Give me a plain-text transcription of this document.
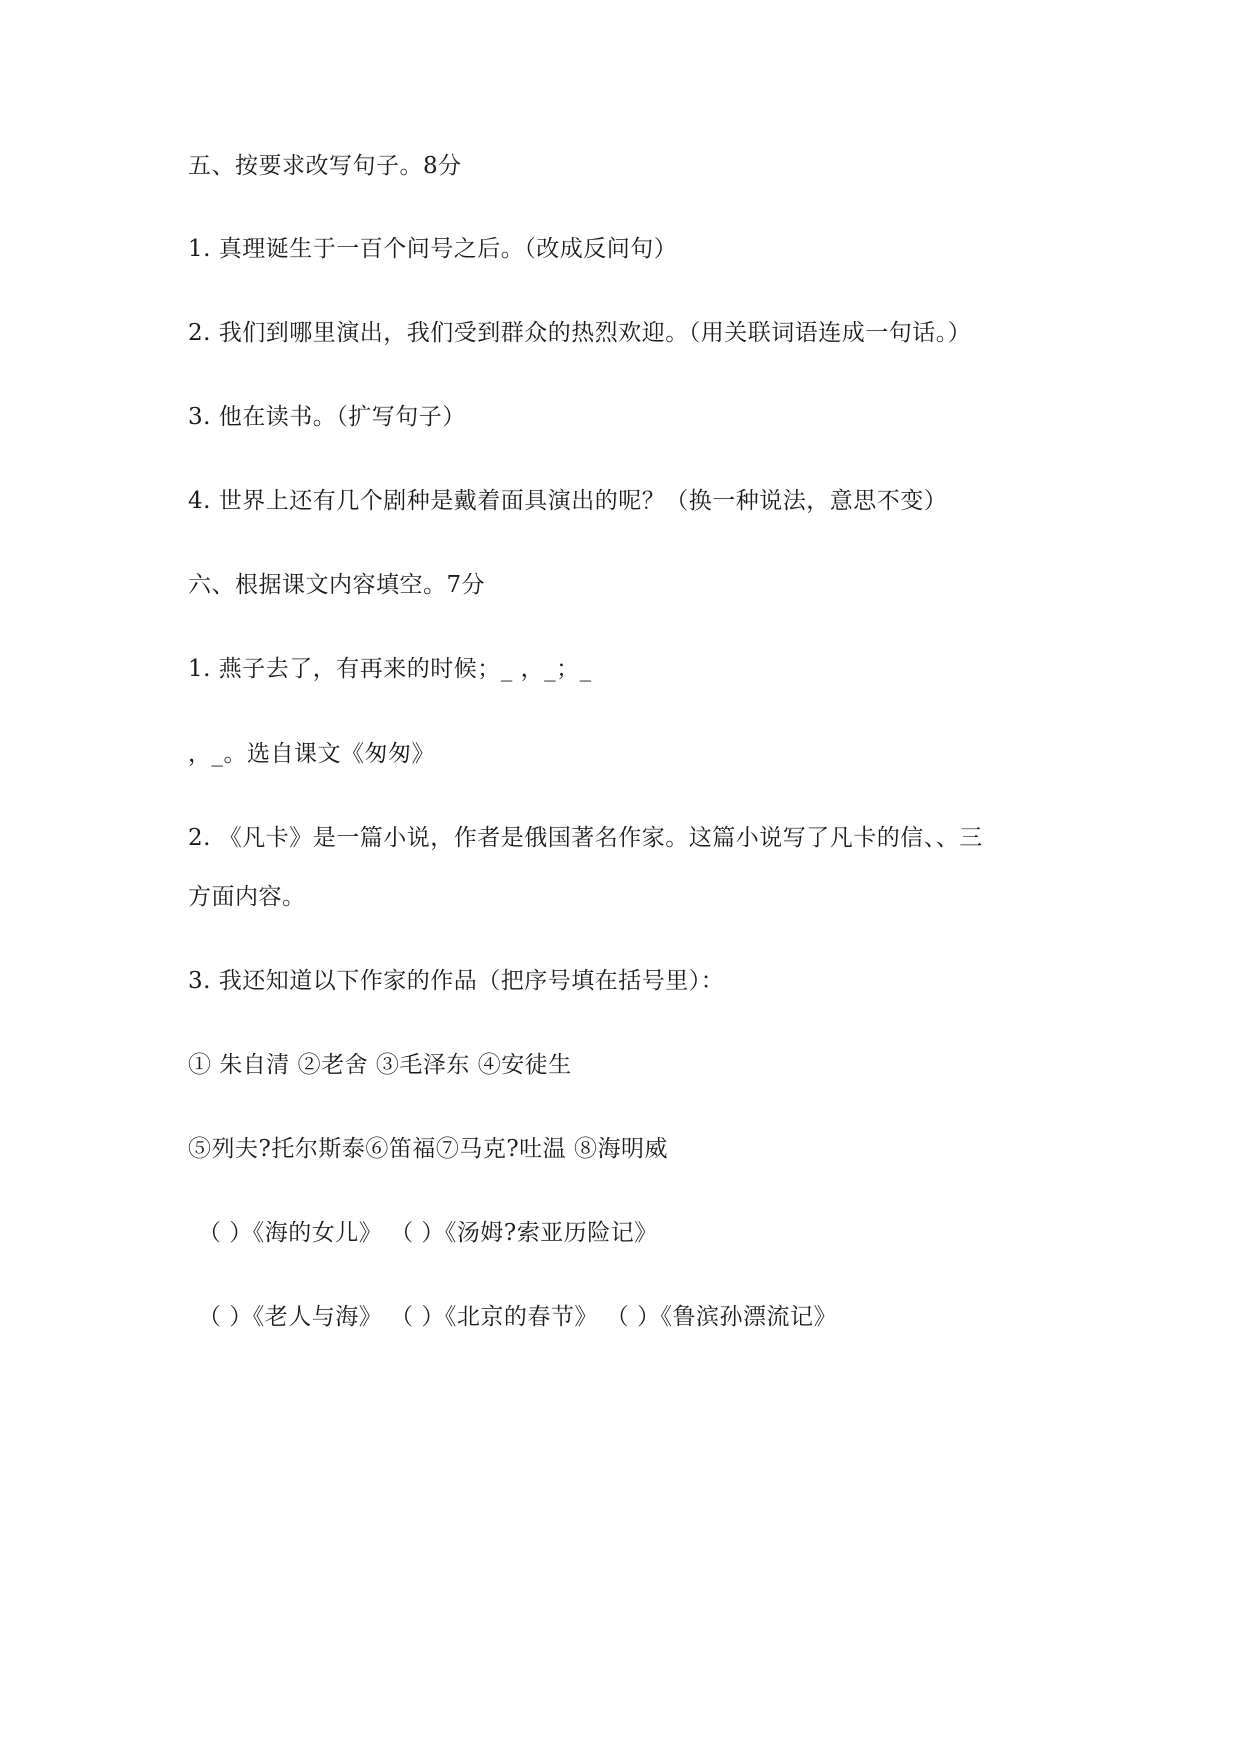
五、按要求改写句子。8分
1. 真理诞生于一百个问号之后。（改成反问句）
2. 我们到哪里演出，我们受到群众的热烈欢迎。（用关联词语连成一句话。）
3. 他在读书。（扩写句子）
4. 世界上还有几个剧种是戴着面具演出的呢？（换一种说法，意思不变）
六、根据课文内容填空。7分
1. 燕子去了，有再来的时候；_ ，_；_
，_。选自课文《匆匆》
2. 《凡卡》是一篇小说，作者是俄国著名作家。这篇小说写了凡卡的信、、三
方面内容。
3. 我还知道以下作家的作品（把序号填在括号里）：
① 朱自清 ②老舍 ③毛泽东 ④安徒生
⑤列夫?托尔斯泰⑥笛福⑦马克?吐温 ⑧海明威
（ ）《海的女儿》 （ ）《汤姆?索亚历险记》
（ ）《老人与海》 （ ）《北京的春节》 （ ）《鲁滨孙漂流记》
